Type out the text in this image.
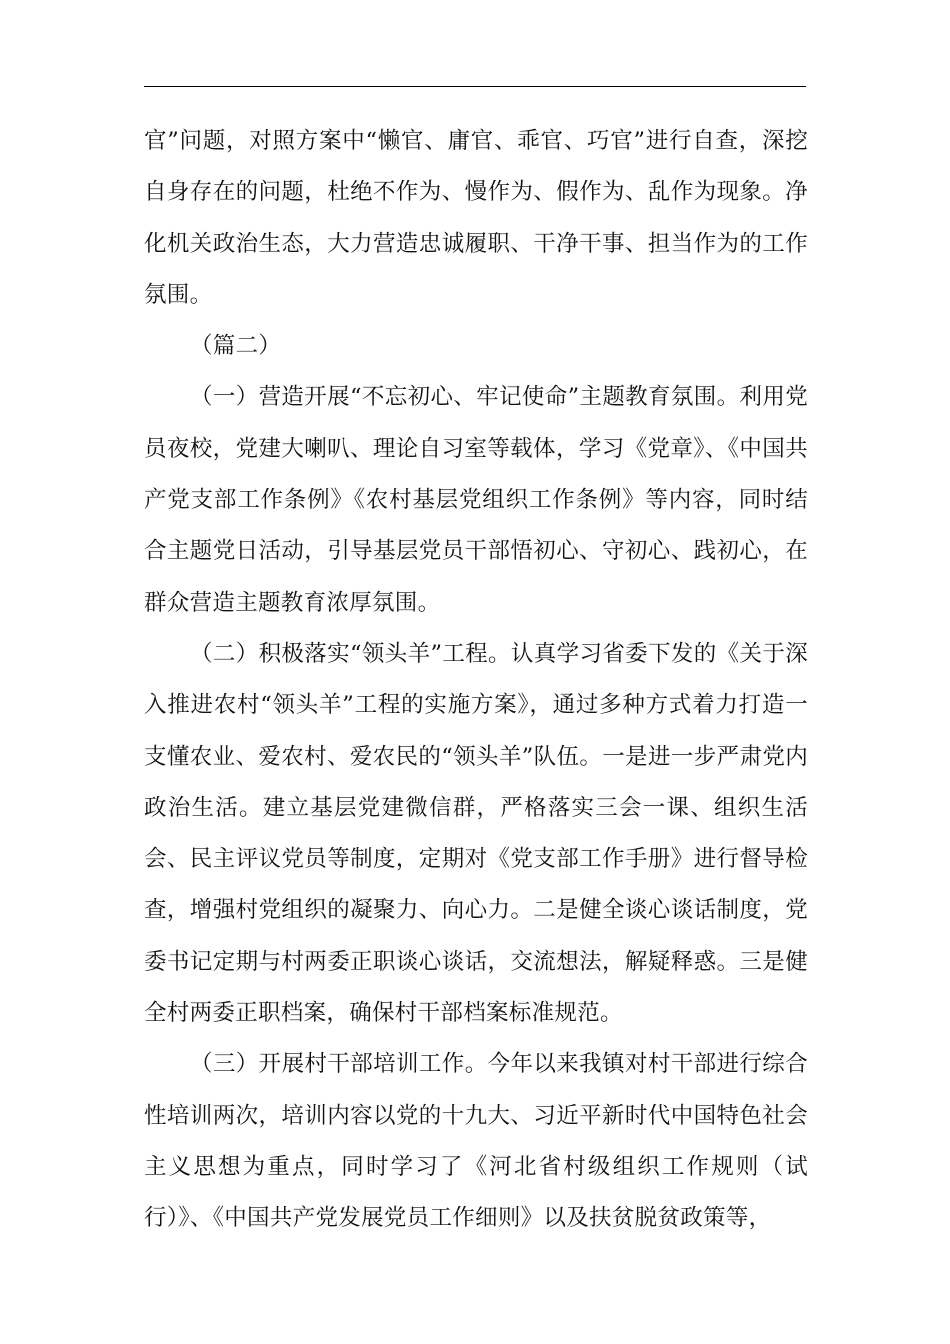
官”问题，对照方案中“懒官、庸官、乖官、巧官”进行自查，深挖自身存在的问题，杜绝不作为、慢作为、假作为、乱作为现象。净化机关政治生态，大力营造忠诚履职、干净干事、担当作为的工作氛围。

（篇二）

（一）营造开展“不忘初心、牢记使命”主题教育氛围。利用党员夜校，党建大喇叭、理论自习室等载体，学习《党章》、《中国共产党支部工作条例》《农村基层党组织工作条例》等内容，同时结合主题党日活动，引导基层党员干部悟初心、守初心、践初心，在群众营造主题教育浓厚氛围。

（二）积极落实“领头羊”工程。认真学习省委下发的《关于深入推进农村“领头羊”工程的实施方案》，通过多种方式着力打造一支懂农业、爱农村、爱农民的“领头羊”队伍。一是进一步严肃党内政治生活。建立基层党建微信群，严格落实三会一课、组织生活会、民主评议党员等制度，定期对《党支部工作手册》进行督导检查，增强村党组织的凝聚力、向心力。二是健全谈心谈话制度，党委书记定期与村两委正职谈心谈话，交流想法，解疑释惑。三是健全村两委正职档案，确保村干部档案标准规范。

（三）开展村干部培训工作。今年以来我镇对村干部进行综合性培训两次，培训内容以党的十九大、习近平新时代中国特色社会主义思想为重点，同时学习了《河北省村级组织工作规则（试行）》、《中国共产党发展党员工作细则》以及扶贫脱贫政策等，
